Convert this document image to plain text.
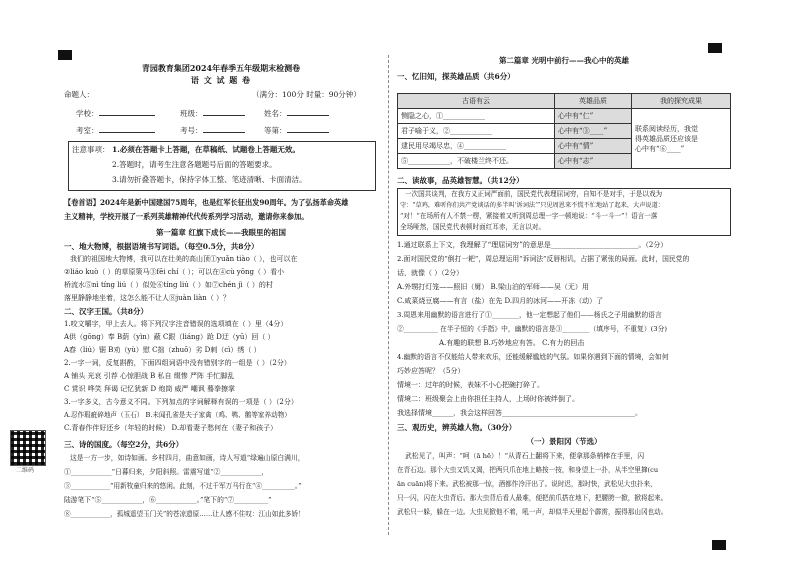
青园教育集团2024年春季五年级期末检测卷
语 文 试 题 卷
命题人：	（满分：100分 时量：90分钟）
学校：	班级：	姓名：
考室：	考号：	等第：
注意事项： 1.必须在答题卡上答题，在草稿纸、试题卷上答题无效。
2.答题时，请考生注意各题题号后面的答题要求。
3.请勿折叠答题卡，保持字体工整、笔迹清晰、卡面清洁。
【卷首语】2024年是新中国建国75周年，也是红军长征出发90周年。为了弘扬革命英雄
主义精神，学校开展了一系列英雄精神代代传系列学习活动，邀请你来参加。
第一篇章 红旗下成长——我眼里的祖国
一、地大物博，根据语境书写词语。（每空0.5分，共8分）
我们的祖国地大物博，我可以在壮美的高山顶①yuǎn tiào（ ），也可以在
②liáo kuò（ ）的草原策马③fēi chí（ ）；可以在④cù yōng（ ）看小
桥流水⑤nì tíng liú（ ）似处⑥tíng liú（ ）如⑦chén jì（ ）的村
落里静静地坐着，这怎么能不让人⑧juàn liàn（ ）？
二、汉字王国。（共8分）
1.咬文嚼字，甲上去人。将下列汉字注音错误的选项填在（ ）里（4分）
A供（gōng）奉 B荫（yìn）蔽 C跟（liáng）跄 D迂（yū）回（ ）
A舂（liú）锯 B劝（yù）慰 C拙（zhuō）劣 D刺（cì）绣（ ）
2.一字一词，反复斟酌，下面四组词语中没有错别字的一组是（ ）（2分）
A 铺头 光哀 引荐 心惊胆战 B 私自 缀惨 严阵 手忙脚乱
C 赏识 哗笑 拜谒 记忆犹新 D 炮筒 威严 嘲讽 蓦拳擦掌
3.一字多义，古今意义不同。下列加点的字词解释有误的一项是（ ）（2分）
A.忍作瑕疵碎地声（玉石） B.未闻孔雀是夫子家禽（鸡、鸭、鹅等家养动物）
C.青春作伴好还乡（年轻的时候） D.却看妻子愁何在（妻子和孩子）
三、诗的国度。（每空2分，共6分）
这是一方一步，如诗如画。乡村四月，曲意如画，诗人写道“绿遍山原白满川，
①____________”日暮归来，夕阳斜照。雷震写道“②____________，
③____________”用新牧童归来的悠闲。此刻，不过千军万马行在“④__________。”
陆游笔下“⑤____________，⑥____________。”笔下的“⑦__________”
⑧____________，孤城遥望玉门关”的苍凉遗原……让人感不住叹：江山如此多娇！
第二篇章 光明中前行——我心中的英雄
一、忆旧知，探英雄品质（共6分）
古语有云	英雄品质	我的探究成果
恻隐之心，①____________	心中有“仁”	联系阅读经历，我觉
得英雄品质还应该是
心中有“⑥____”

君子喻于义，②____________	心中有“③____”	
逮民用尽竭尽忠，④____________	心中有“情”	
⑤____________，不破楼兰终不还。	心中有“志”	
二、读故事，品英雄智慧。（共12分）
一次国共谈判，在我方义正词严面前，国民党代表理屈词穷，自知不是对手，于是以戏为
守：“草鸡，难听你们共产党谈话的多半叫‘诉词法’”只见周恩来不慌不忙地站了起来，大声说道：
“对！”在场所有人不禁一楞，紧接着又听到周总理一字一顿地说：“斗一斗一”！语言一落
全场哑然，国民党代表顿时面红耳赤，无言以对。
1.通过联系上下文，我理解了“理屈词穷”的意思是_________________________。（2分）
2.面对国民党的“倒打一耙”，周总理运用“诉词法”反唇相讥，占据了紧张的局面。此时，国民党的
话，就像（ ）（2分）
A.外甥打灯笼——照旧（舅） B.梁山泊的军师——吴（无）用
C.咸菜烧豆腐——有言（盐）在先 D.四月的冰河——开冻（动）了
3.周恩来用幽默的语言进行了①________，他一定想起了他们——杨氏之子用幽默的语言
②__________ 在半子恒的《手指》中，幽默的语言是③________（填序号，不重复）(3分)
A.有趣的联想 B.巧妙地应有答。 C.有力的回击
4.幽默的语言不仅能给人带来欢乐，还能缓解尴尬的气氛。如果你遇到下面的情境，会如何
巧妙应答呢？（5分）
情境一：过年的时候，表妹不小心把碗打碎了。
情境二：班级聚会上由你担任主持人，上场时你被绊倒了。
我选择情境______，我会这样回答______________________________________。
三、观历史，辨英雄人物。（30分）
（一）景阳冈（节选）
武松见了，叫声：“呵（ā hē）！”从青石上翻将下来，便拿那条梢棒在手里，闪
在青石边。那个大虫又饥又渴，把两只爪在地上略按一按，和身望上一扑，从半空里撺(cu
ān cuān)将下来。武松被那一惊，酒都作冷汗出了。说时迟，那时快，武松见大虫扑来，
只一闪，闪在大虫背后。那大虫背后看人最难，便把前爪搭在地下，把腰胯一掀，掀将起来。
武松只一躲，躲在一边。大虫见掀他不着，吼一声，却似半天里起个霹雳，振得那山冈也动。
二维码
